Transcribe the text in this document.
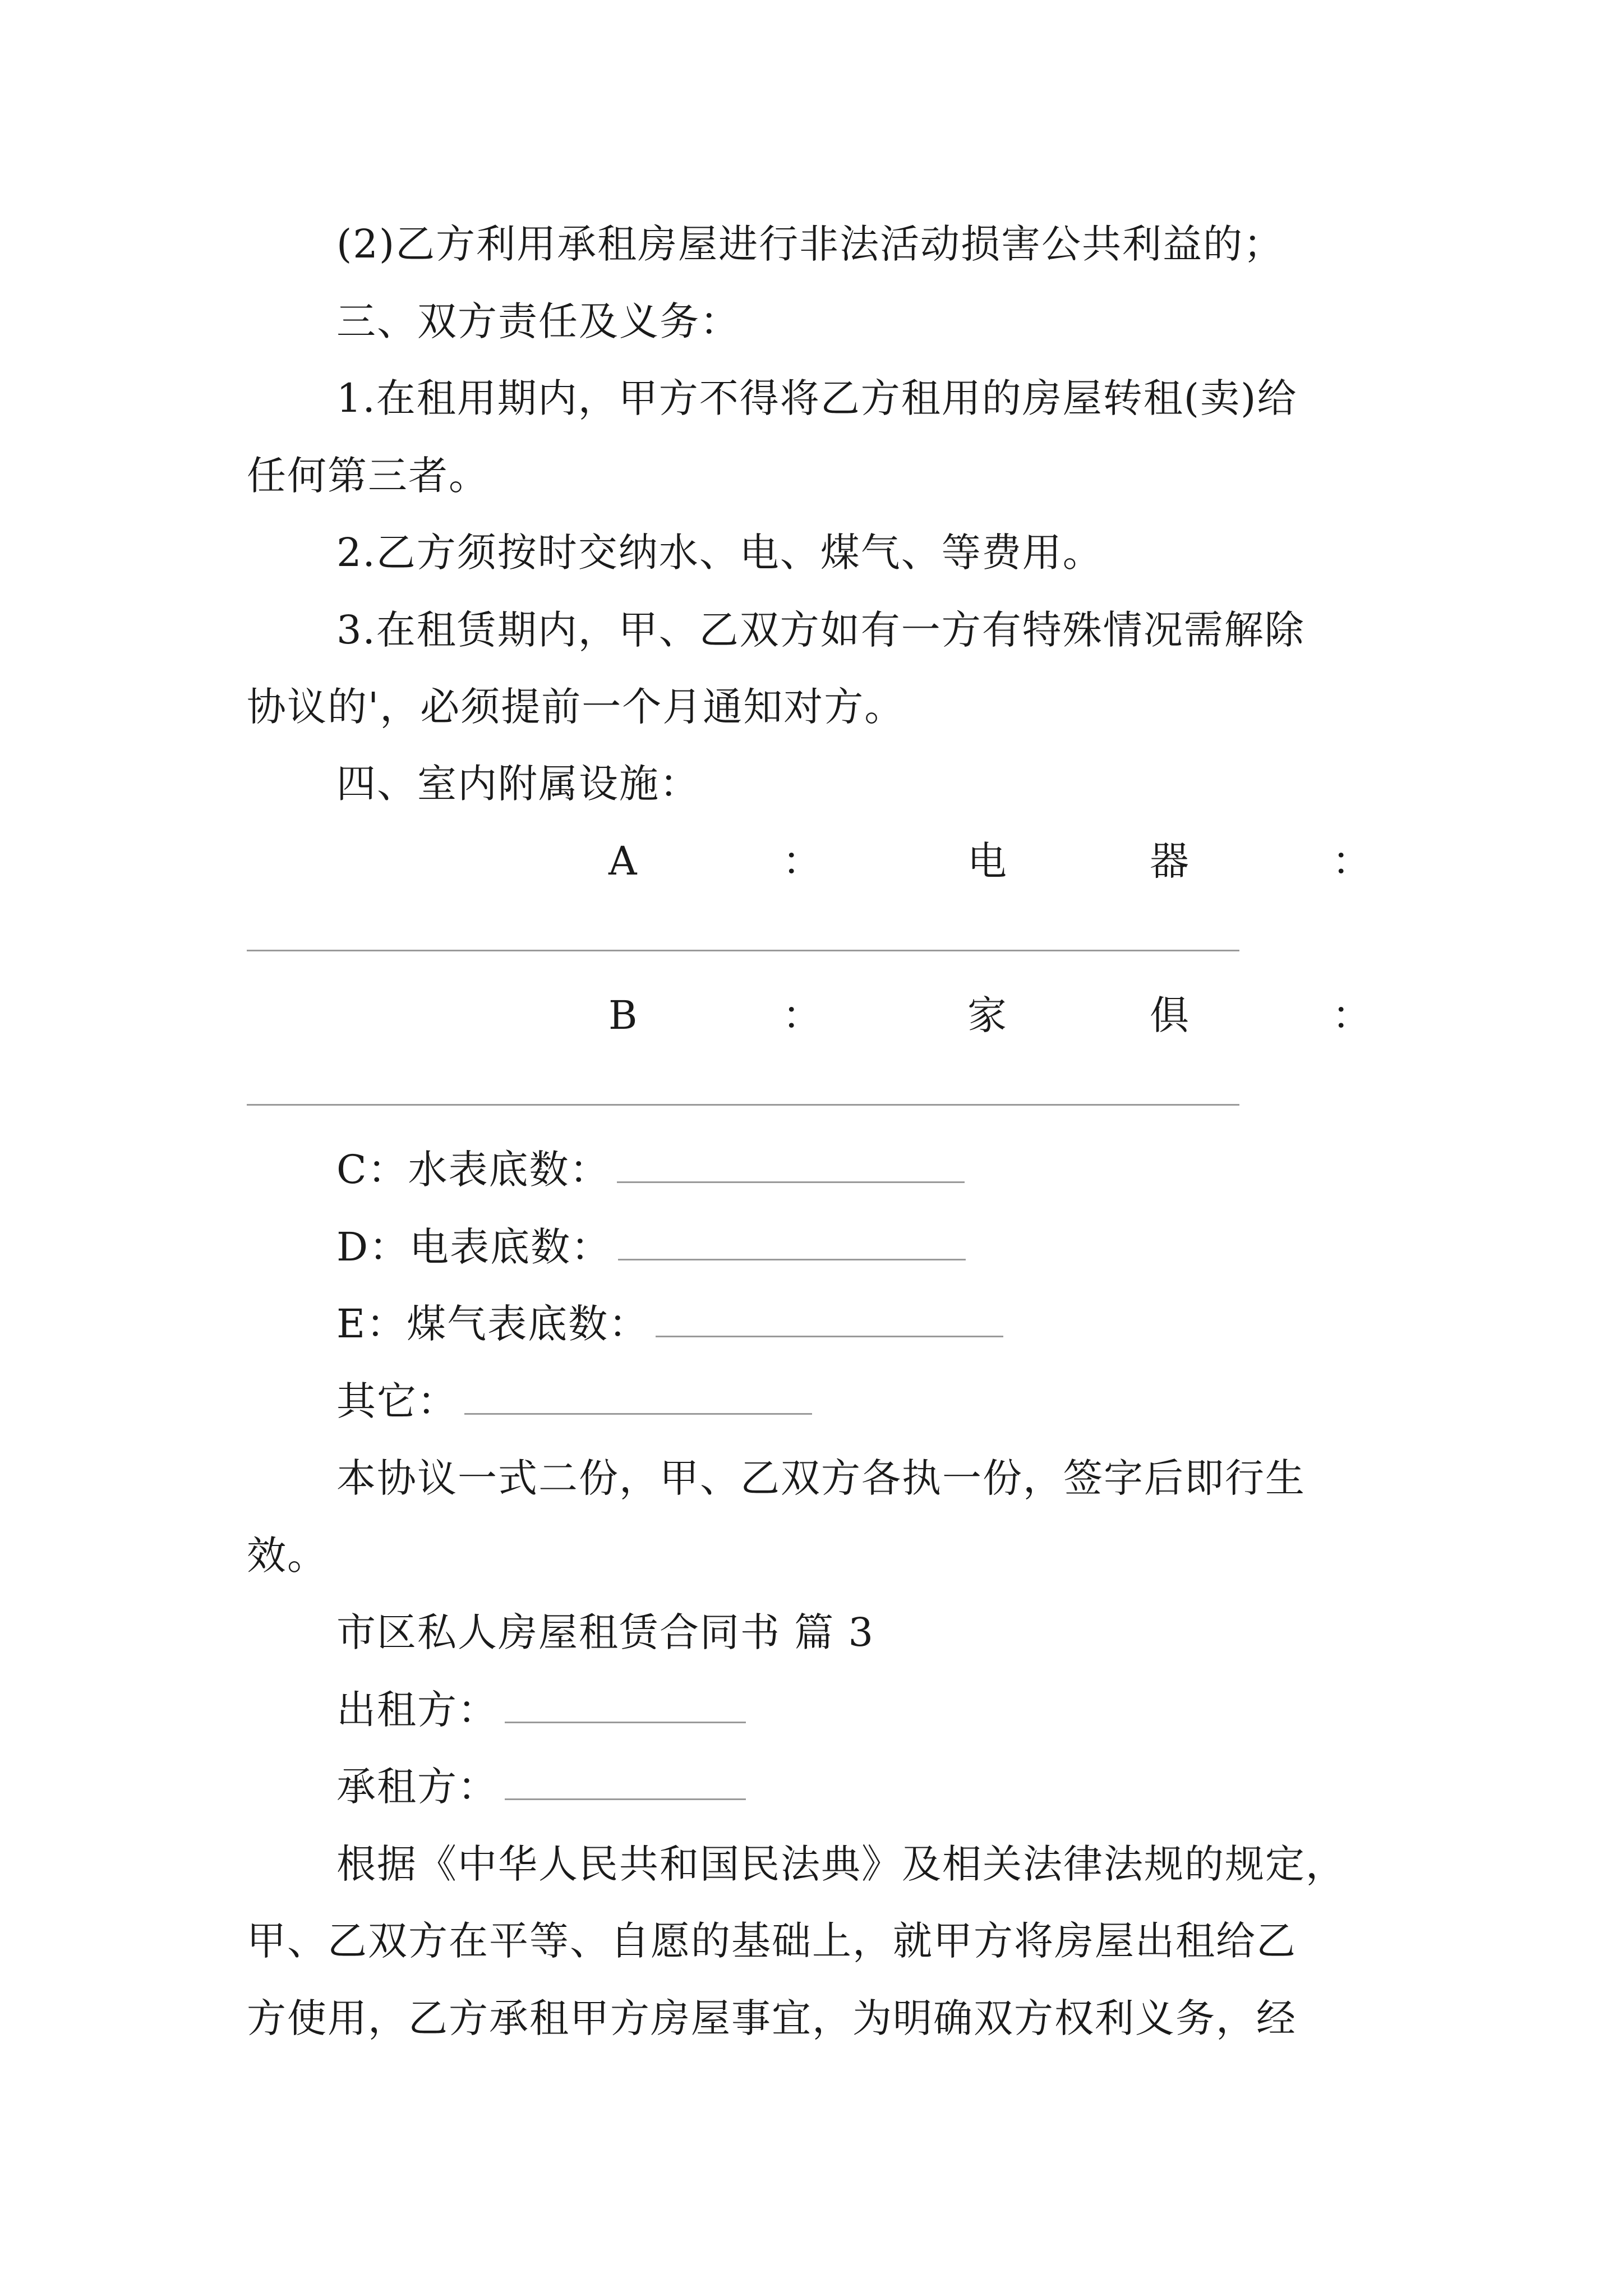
(2)乙方利用承租房屋进行非法活动损害公共利益的；
三、双方责任及义务：
1.在租用期内，甲方不得将乙方租用的房屋转租(卖)给
任何第三者。
2.乙方须按时交纳水、电、煤气、等费用。
3.在租赁期内，甲、乙双方如有一方有特殊情况需解除
协议的'，必须提前一个月通知对方。
四、室内附属设施：
A	：	电	器	：
B	：	家	俱	：
C：水表底数：
D：电表底数：
E：煤气表底数：
其它：
本协议一式二份，甲、乙双方各执一份，签字后即行生
效。
市区私人房屋租赁合同书 篇 3
出租方：
承租方：
根据《中华人民共和国民法典》及相关法律法规的规定，
甲、乙双方在平等、自愿的基础上，就甲方将房屋出租给乙
方使用，乙方承租甲方房屋事宜，为明确双方权利义务，经
